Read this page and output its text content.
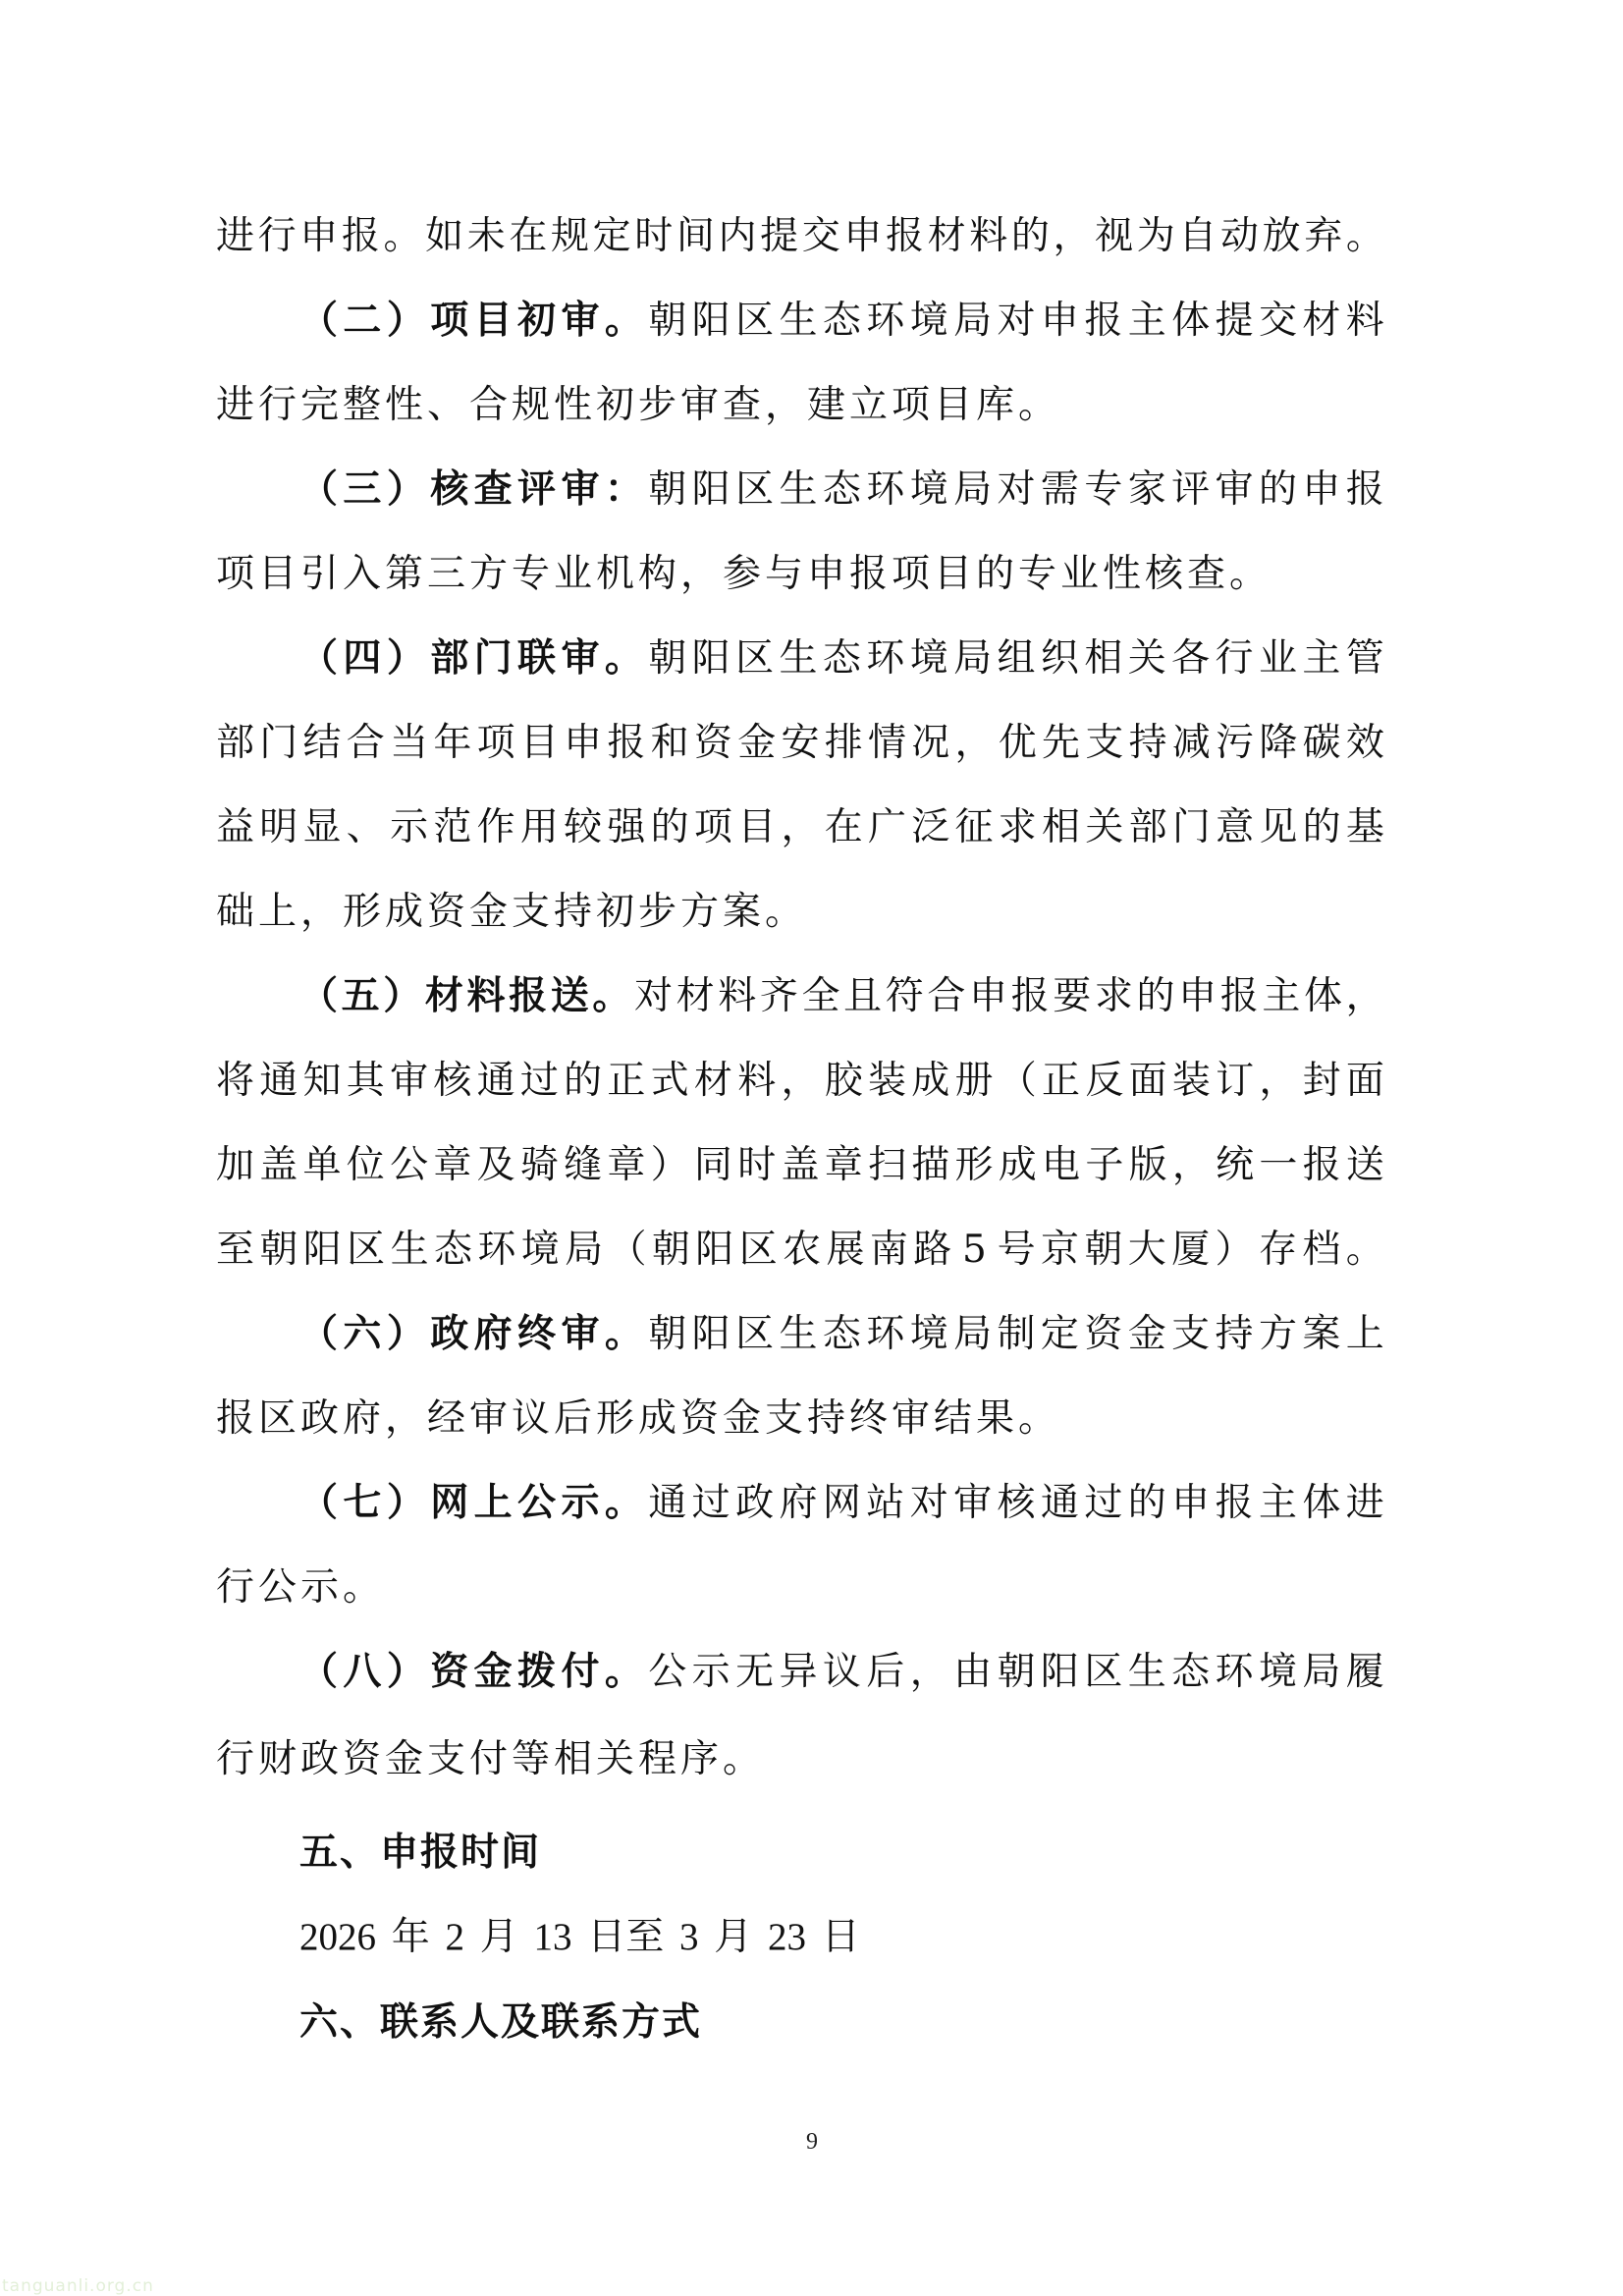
进 行 申 报 。 如 未 在 规 定 时 间 内 提 交 申 报 材 料 的 ， 视 为 自 动 放 弃 。
（ 二 ） 项 目 初 审 。 朝 阳 区 生 态 环 境 局 对 申 报 主 体 提 交 材 料
进行完整性、合规性初步审查，建立项目库。
（ 三 ） 核 查 评 审 ： 朝 阳 区 生 态 环 境 局 对 需 专 家 评 审 的 申 报
项目引入第三方专业机构，参与申报项目的专业性核查。
（ 四 ） 部 门 联 审 。 朝 阳 区 生 态 环 境 局 组 织 相 关 各 行 业 主 管
部 门 结 合 当 年 项 目 申 报 和 资 金 安 排 情 况 ， 优 先 支 持 减 污 降 碳 效
益 明 显 、 示 范 作 用 较 强 的 项 目 ， 在 广 泛 征 求 相 关 部 门 意 见 的 基
础上，形成资金支持初步方案。
（ 五 ） 材 料 报 送 。 对 材 料 齐 全 且 符 合 申 报 要 求 的 申 报 主 体 ，
将 通 知 其 审 核 通 过 的 正 式 材 料 ， 胶 装 成 册 （ 正 反 面 装 订 ， 封 面
加 盖 单 位 公 章 及 骑 缝 章 ） 同 时 盖 章 扫 描 形 成 电 子 版 ， 统 一 报 送
至 朝 阳 区 生 态 环 境 局 （ 朝 阳 区 农 展 南 路 5 号 京 朝 大 厦 ） 存 档 。
（ 六 ） 政 府 终 审 。 朝 阳 区 生 态 环 境 局 制 定 资 金 支 持 方 案 上
报区政府，经审议后形成资金支持终审结果。
（ 七 ） 网 上 公 示 。 通 过 政 府 网 站 对 审 核 通 过 的 申 报 主 体 进
行公示。
（ 八 ） 资 金 拨 付 。 公 示 无 异 议 后 ， 由 朝 阳 区 生 态 环 境 局 履
行财政资金支付等相关程序。
五、申报时间
2026 年 2 月 13 日至 3 月 23 日
六、联系人及联系方式
9
tanguanli.org.cn
